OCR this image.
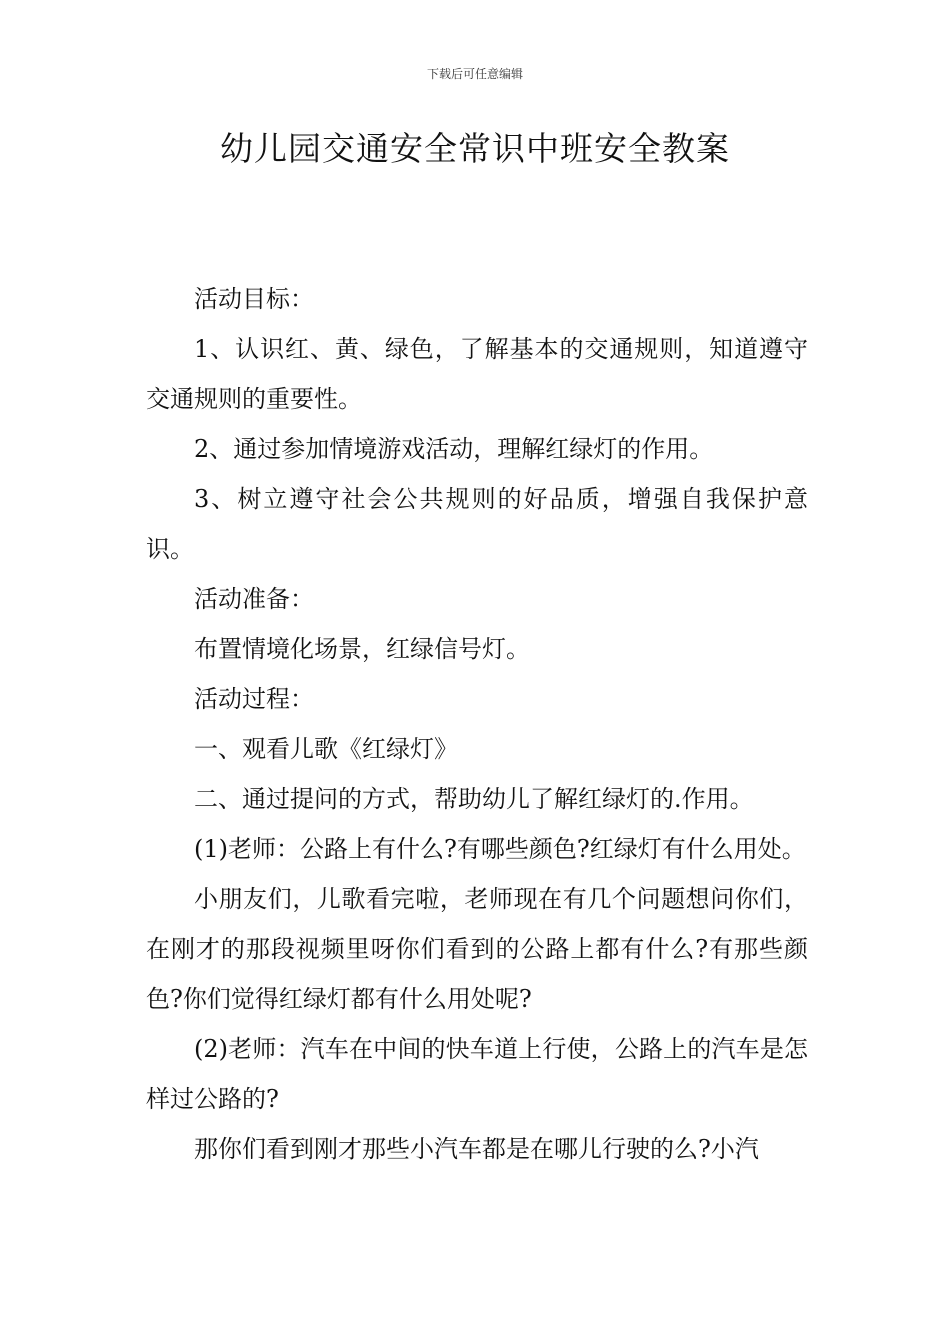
下载后可任意编辑
幼儿园交通安全常识中班安全教案

活动目标：

1、认识红、黄、绿色，了解基本的交通规则，知道遵守交通规则的重要性。

2、通过参加情境游戏活动，理解红绿灯的作用。

3、树立遵守社会公共规则的好品质，增强自我保护意识。

活动准备：

布置情境化场景，红绿信号灯。

活动过程：

一、观看儿歌《红绿灯》

二、通过提问的方式，帮助幼儿了解红绿灯的.作用。

(1)老师：公路上有什么?有哪些颜色?红绿灯有什么用处。

小朋友们，儿歌看完啦，老师现在有几个问题想问你们，在刚才的那段视频里呀你们看到的公路上都有什么?有那些颜色?你们觉得红绿灯都有什么用处呢?

(2)老师：汽车在中间的快车道上行使，公路上的汽车是怎样过公路的?

那你们看到刚才那些小汽车都是在哪儿行驶的么?小汽
